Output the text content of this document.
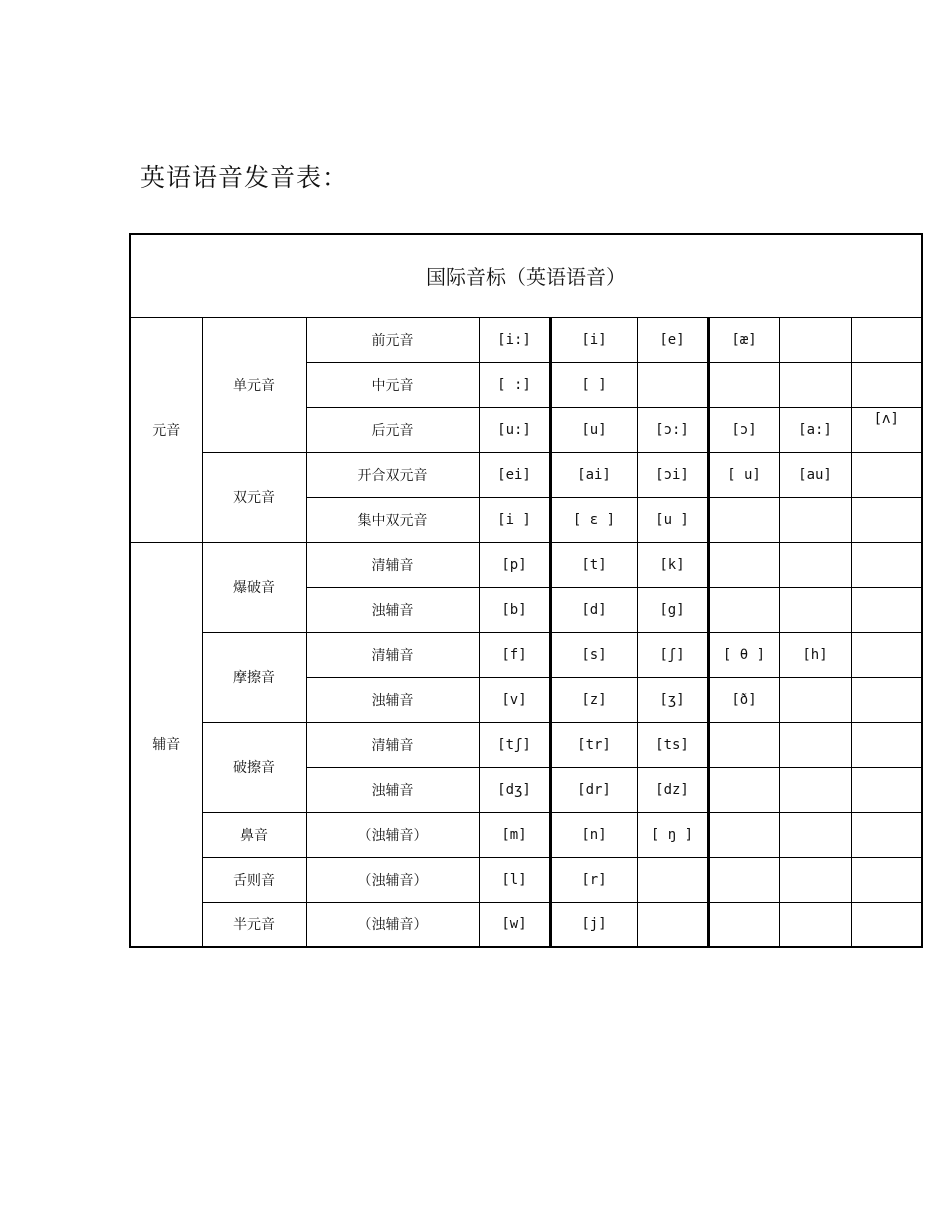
英语语音发音表：
国际音标（英语语音）								
元音	单元音	前元音	[i:]	[i]	[e]	[æ]		
		中元音	[ :]	[ ]				
		后元音	[u:]	[u]	[ɔ:]	[ɔ]	[a:]	[ʌ]
	双元音	开合双元音	[ei]	[ai]	[ɔi]	[ u]	[au]	
		集中双元音	[i ]	[ ε ]	[u ]			
辅音	爆破音	清辅音	[p]	[t]	[k]			
		浊辅音	[b]	[d]	[g]			
	摩擦音	清辅音	[f]	[s]	[ʃ]	[ θ ]	[h]	
		浊辅音	[v]	[z]	[ʒ]	[ð]		
	破擦音	清辅音	[tʃ]	[tr]	[ts]			
		浊辅音	[dʒ]	[dr]	[dz]			
	鼻音	（浊辅音）	[m]	[n]	[ ŋ ]			
	舌则音	（浊辅音）	[l]	[r]				
	半元音	（浊辅音）	[w]	[j]				
